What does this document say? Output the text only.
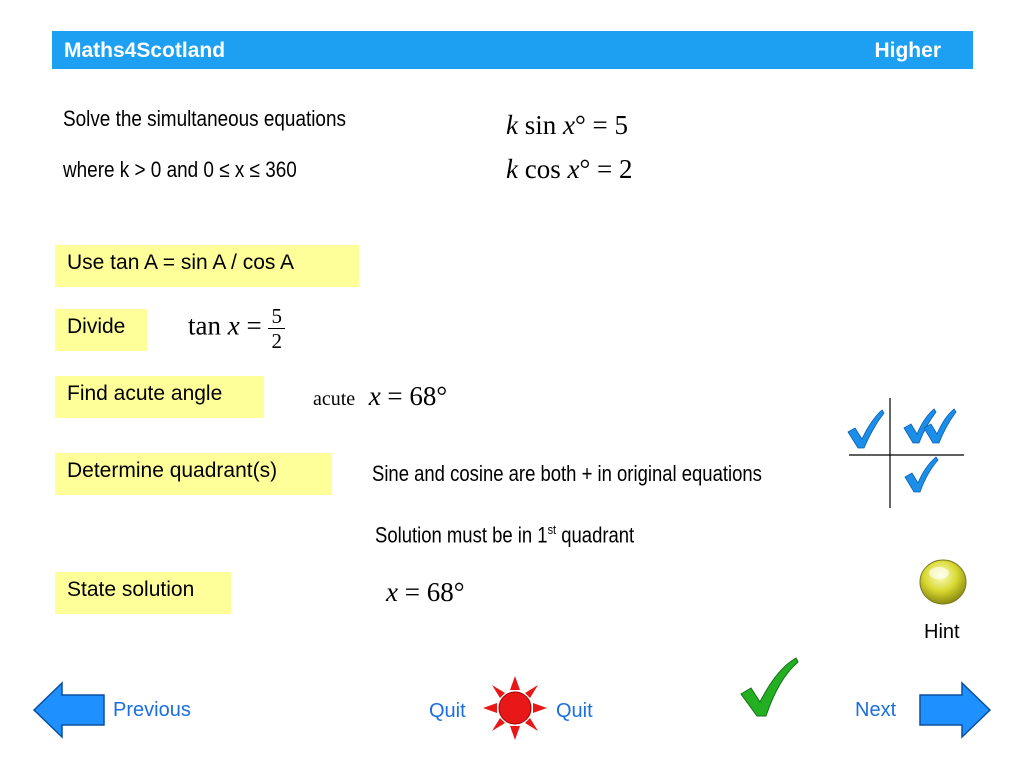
Maths4Scotland	Higher
Solve the simultaneous equations
where k > 0 and 0 ≤ x ≤ 360
k sin x° = 5
k cos x° = 2
Use tan A = sin A / cos A
Divide	$\tan x = \frac{5}{2}$
Find acute angle	acute x = 68°
Determine quadrant(s)	Sine and cosine are both + in original equations
Solution must be in 1st quadrant
State solution	x = 68°
Hint
Previous	Quit	Quit	Next
